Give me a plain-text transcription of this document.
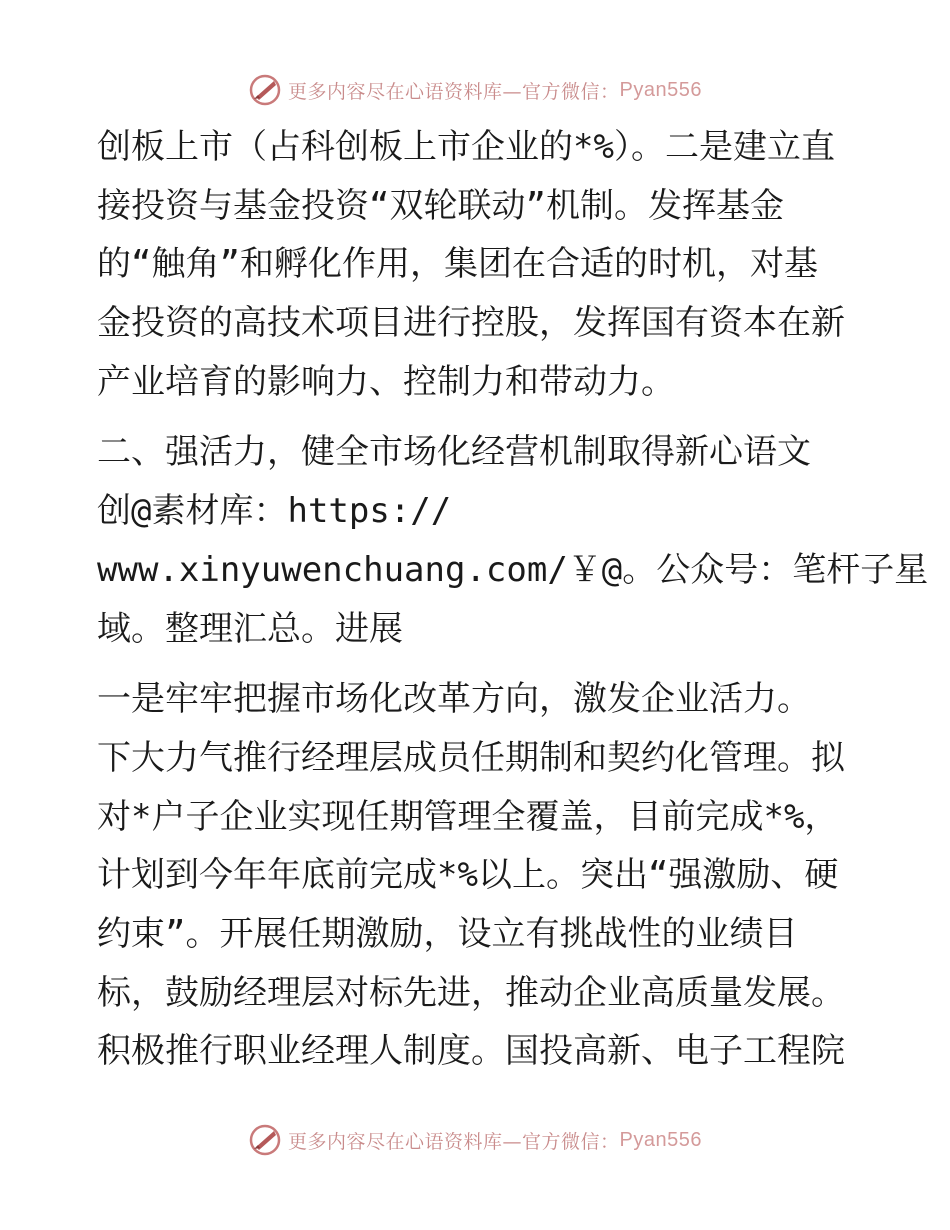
更多内容尽在心语资料库—官方微信： Pyan556
创板上市（占科创板上市企业的*%）。二是建立直
接投资与基金投资“双轮联动”机制。发挥基金
的“触角”和孵化作用，集团在合适的时机，对基
金投资的高技术项目进行控股，发挥国有资本在新
产业培育的影响力、控制力和带动力。
二、强活力，健全市场化经营机制取得新心语文
创@素材库：https://
www.xinyuwenchuang.com/￥@。公众号：笔杆子星
域。整理汇总。进展
一是牢牢把握市场化改革方向，激发企业活力。
下大力气推行经理层成员任期制和契约化管理。拟
对*户子企业实现任期管理全覆盖，目前完成*%，
计划到今年年底前完成*%以上。突出“强激励、硬
约束”。开展任期激励，设立有挑战性的业绩目
标，鼓励经理层对标先进，推动企业高质量发展。
积极推行职业经理人制度。国投高新、电子工程院
更多内容尽在心语资料库—官方微信： Pyan556
